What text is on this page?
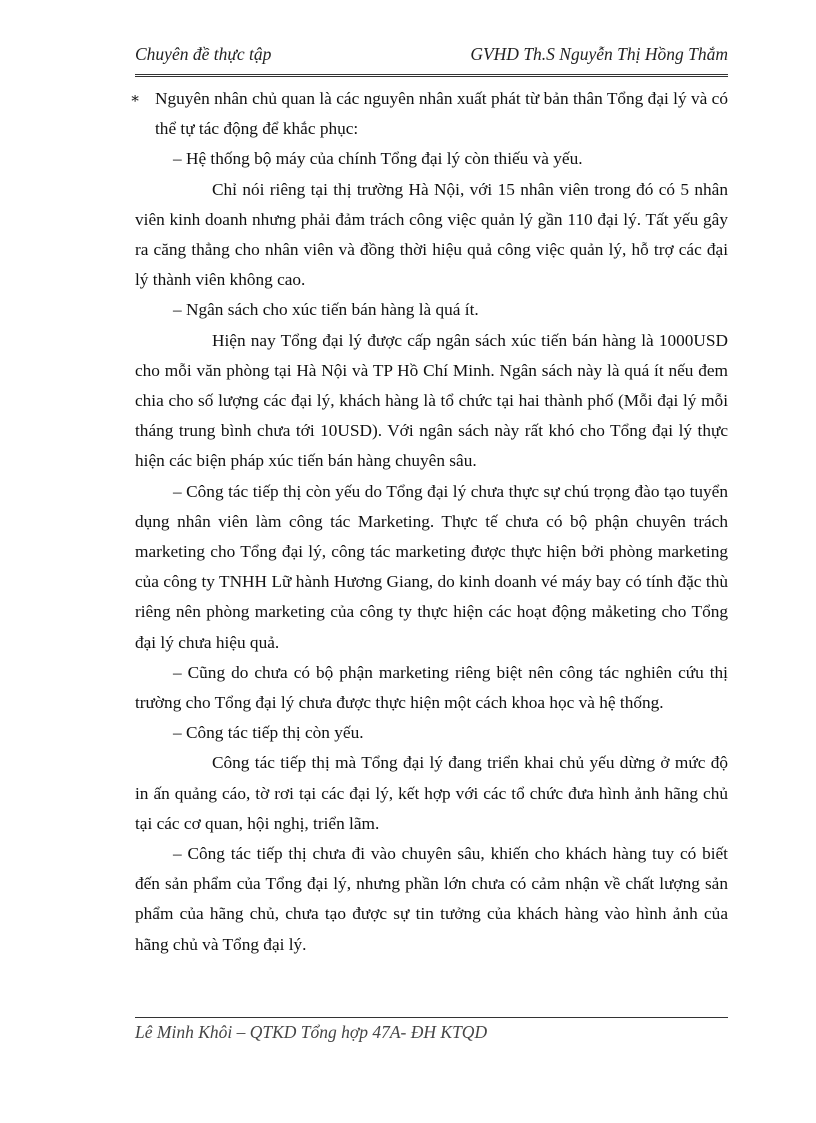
Chuyên đề thực tập	GVHD Th.S Nguyễn Thị Hồng Thắm

∗ Nguyên nhân chủ quan là các nguyên nhân xuất phát từ bản thân Tổng đại lý và có thể tự tác động để khắc phục:

– Hệ thống bộ máy của chính Tổng đại lý còn thiếu và yếu.

Chỉ nói riêng tại thị trường Hà Nội, với 15 nhân viên trong đó có 5 nhân viên kinh doanh nhưng phải đảm trách công việc quản lý gần 110 đại lý. Tất yếu gây ra căng thẳng cho nhân viên và đồng thời hiệu quả công việc quản lý, hỗ trợ các đại lý thành viên không cao.

– Ngân sách cho xúc tiến bán hàng là quá ít.

Hiện nay Tổng đại lý được cấp ngân sách xúc tiến bán hàng là 1000USD cho mỗi văn phòng tại Hà Nội và TP Hồ Chí Minh. Ngân sách này là quá ít nếu đem chia cho số lượng các đại lý, khách hàng là tổ chức tại hai thành phố (Mỗi đại lý mỗi tháng trung bình chưa tới 10USD). Với ngân sách này rất khó cho Tổng đại lý thực hiện các biện pháp xúc tiến bán hàng chuyên sâu.

– Công tác tiếp thị còn yếu do Tổng đại lý chưa thực sự chú trọng đào tạo tuyển dụng nhân viên làm công tác Marketing. Thực tế chưa có bộ phận chuyên trách marketing cho Tổng đại lý, công tác marketing được thực hiện bởi phòng marketing của công ty TNHH Lữ hành Hương Giang, do kinh doanh vé máy bay có tính đặc thù riêng nên phòng marketing của công ty thực hiện các hoạt động mảketing cho Tổng đại lý chưa hiệu quả.

– Cũng do chưa có bộ phận marketing riêng biệt nên công tác nghiên cứu thị trường cho Tổng đại lý chưa được thực hiện một cách khoa học và hệ thống.

– Công tác tiếp thị còn yếu.

Công tác tiếp thị mà Tổng đại lý đang triển khai chủ yếu dừng ở mức độ in ấn quảng cáo, tờ rơi tại các đại lý, kết hợp với các tổ chức đưa hình ảnh hãng chủ tại các cơ quan, hội nghị, triển lãm.

– Công tác tiếp thị chưa đi vào chuyên sâu, khiến cho khách hàng tuy có biết đến sản phẩm của Tổng đại lý, nhưng phần lớn chưa có cảm nhận về chất lượng sản phẩm của hãng chủ, chưa tạo được sự tin tưởng của khách hàng vào hình ảnh của hãng chủ và Tổng đại lý.

Lê Minh Khôi – QTKD Tổng hợp 47A- ĐH KTQD
